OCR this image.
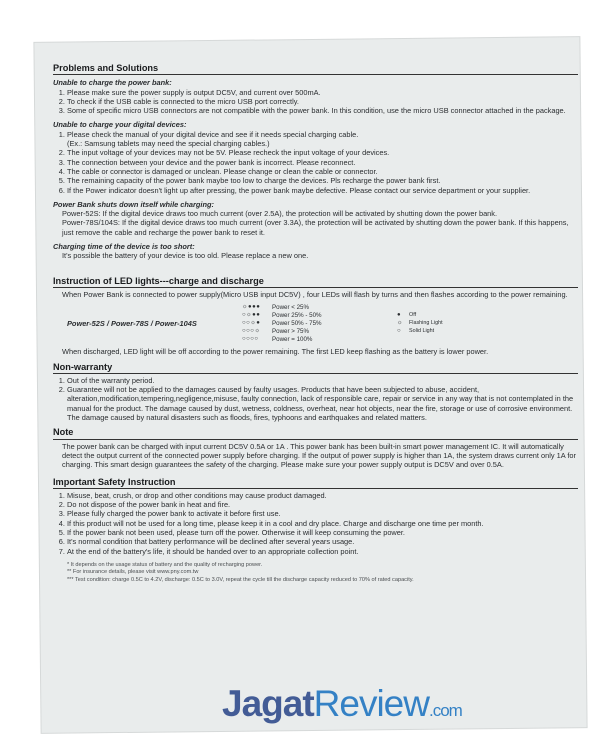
Problems and Solutions
Unable to charge the power bank:
1. Please make sure the power supply is output DC5V, and current over 500mA.
2. To check if the USB cable is connected to the micro USB port correctly.
3. Some of specific micro USB connectors are not compatible with the power bank. In this condition, use the micro USB connector attached in the package.
Unable to charge your digital devices:
1. Please check the manual of your digital device and see if it needs special charging cable.
(Ex.: Samsung tablets may need the special charging cables.)
2. The input voltage of your devices may not be 5V. Please recheck the input voltage of your devices.
3. The connection between your device and the power bank is incorrect. Please reconnect.
4. The cable or connector is damaged or unclean. Please change or clean the cable or connector.
5. The remaining capacity of the power bank maybe too low to charge the devices. Pls recharge the power bank first.
6. If the Power indicator doesn't light up after pressing, the power bank maybe defective. Please contact our service department or your supplier.
Power Bank shuts down itself while charging:
Power-52S: If the digital device draws too much current (over 2.5A), the protection will be activated by shutting down the power bank.
Power-78S/104S: If the digital device draws too much current (over 3.3A), the protection will be activated by shutting down the power bank. If this happens, just remove the cable and recharge the power bank to reset it.
Charging time of the device is too short:
It's possible the battery of your device is too old. Please replace a new one.
Instruction of LED lights---charge and discharge
When Power Bank is connected to power supply(Micro USB input DC5V) , four LEDs will flash by turns and then flashes according to the power remaining.
Power-52S / Power-78S / Power-104S
☼●●●	Power < 25%
○☼●●	Power 25% - 50%
○○☼●	Power 50% - 75%
○○○☼	Power > 75%
○○○○	Power = 100%
●	Off
☼	Flashing Light
○	Solid Light
When discharged, LED light will be off according to the power remaining. The first LED keep flashing as the battery is lower power.
Non-warranty
1. Out of the warranty period.
2. Guarantee will not be applied to the damages caused by faulty usages. Products that have been subjected to abuse, accident, alteration,modification,tempering,negligence,misuse, faulty connection, lack of responsible care, repair or service in any way that is not contemplated in the manual for the product. The damage caused by dust, wetness, coldness, overheat, near hot objects, near the fire, storage or use of corrosive environment. The damage caused by natural disasters such as floods, fires, typhoons and earthquakes and related matters.
Note
The power bank can be charged with input current DC5V 0.5A or 1A . This power bank has been built-in smart power management IC. It will automatically detect the output current of the connected power supply before charging. If the output of power supply is higher than 1A, the system draws current only 1A for charging. This smart design guarantees the safety of the charging. Please make sure your power supply output is DC5V and over 0.5A.
Important Safety Instruction
1. Misuse, beat, crush, or drop and other conditions may cause product damaged.
2. Do not dispose of the power bank in heat and fire.
3. Please fully charged the power bank to activate it before first use.
4. If this product will not be used for a long time, please keep it in a cool and dry place. Charge and discharge one time per month.
5. If the power bank not been used, please turn off the power. Otherwise it will keep consuming the power.
6. It's normal condition that battery performance will be declined after several years usage.
7. At the end of the battery's life, it should be handed over to an appropriate collection point.
* It depends on the usage status of battery and the quality of recharging power.
** For insurance details, please visit www.pny.com.tw
*** Test condition: charge 0.5C to 4.2V, discharge: 0.5C to 3.0V, repeat the cycle till the discharge capacity reduced to 70% of rated capacity.
JagatReview.com
